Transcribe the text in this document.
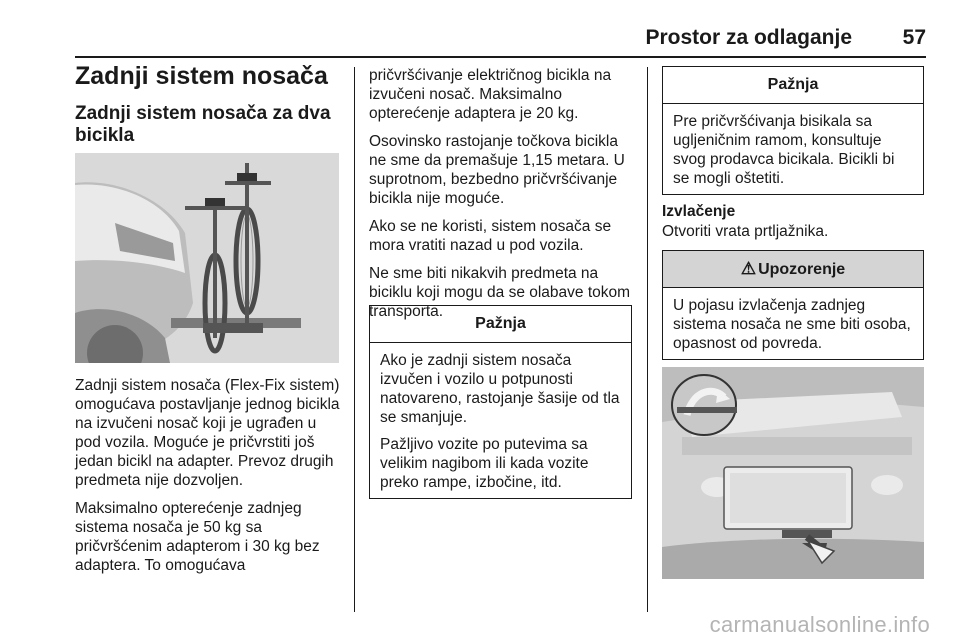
Prostor za odlaganje 57
Zadnji sistem nosača
Zadnji sistem nosača za dva bicikla

Zadnji sistem nosača (Flex-Fix sistem) omogućava postavljanje jednog bicikla na izvučeni nosač koji je ugrađen u pod vozila. Moguće je pričvrstiti još jedan bicikl na adapter. Prevoz drugih predmeta nije dozvoljen.

Maksimalno opterećenje zadnjeg sistema nosača je 50 kg sa pričvršćenim adapterom i 30 kg bez adaptera. To omogućava

pričvršćivanje električnog bicikla na izvučeni nosač. Maksimalno opterećenje adaptera je 20 kg.

Osovinsko rastojanje točkova bicikla ne sme da premašuje 1,15 metara. U suprotnom, bezbedno pričvršćivanje bicikla nije moguće.

Ako se ne koristi, sistem nosača se mora vratiti nazad u pod vozila.

Ne sme biti nikakvih predmeta na biciklu koji mogu da se olabave tokom transporta.

Pažnja

Ako je zadnji sistem nosača izvučen i vozilo u potpunosti natovareno, rastojanje šasije od tla se smanjuje.

Pažljivo vozite po putevima sa velikim nagibom ili kada vozite preko rampe, izbočine, itd.

Pažnja

Pre pričvršćivanja bisikala sa ugljeničnim ramom, konsultuje svog prodavca bicikala. Bicikli bi se mogli oštetiti.

Izvlačenje
Otvoriti vrata prtljažnika.
⚠ Upozorenje

U pojasu izvlačenja zadnjeg sistema nosača ne sme biti osoba, opasnost od povreda.

carmanualsonline.info
